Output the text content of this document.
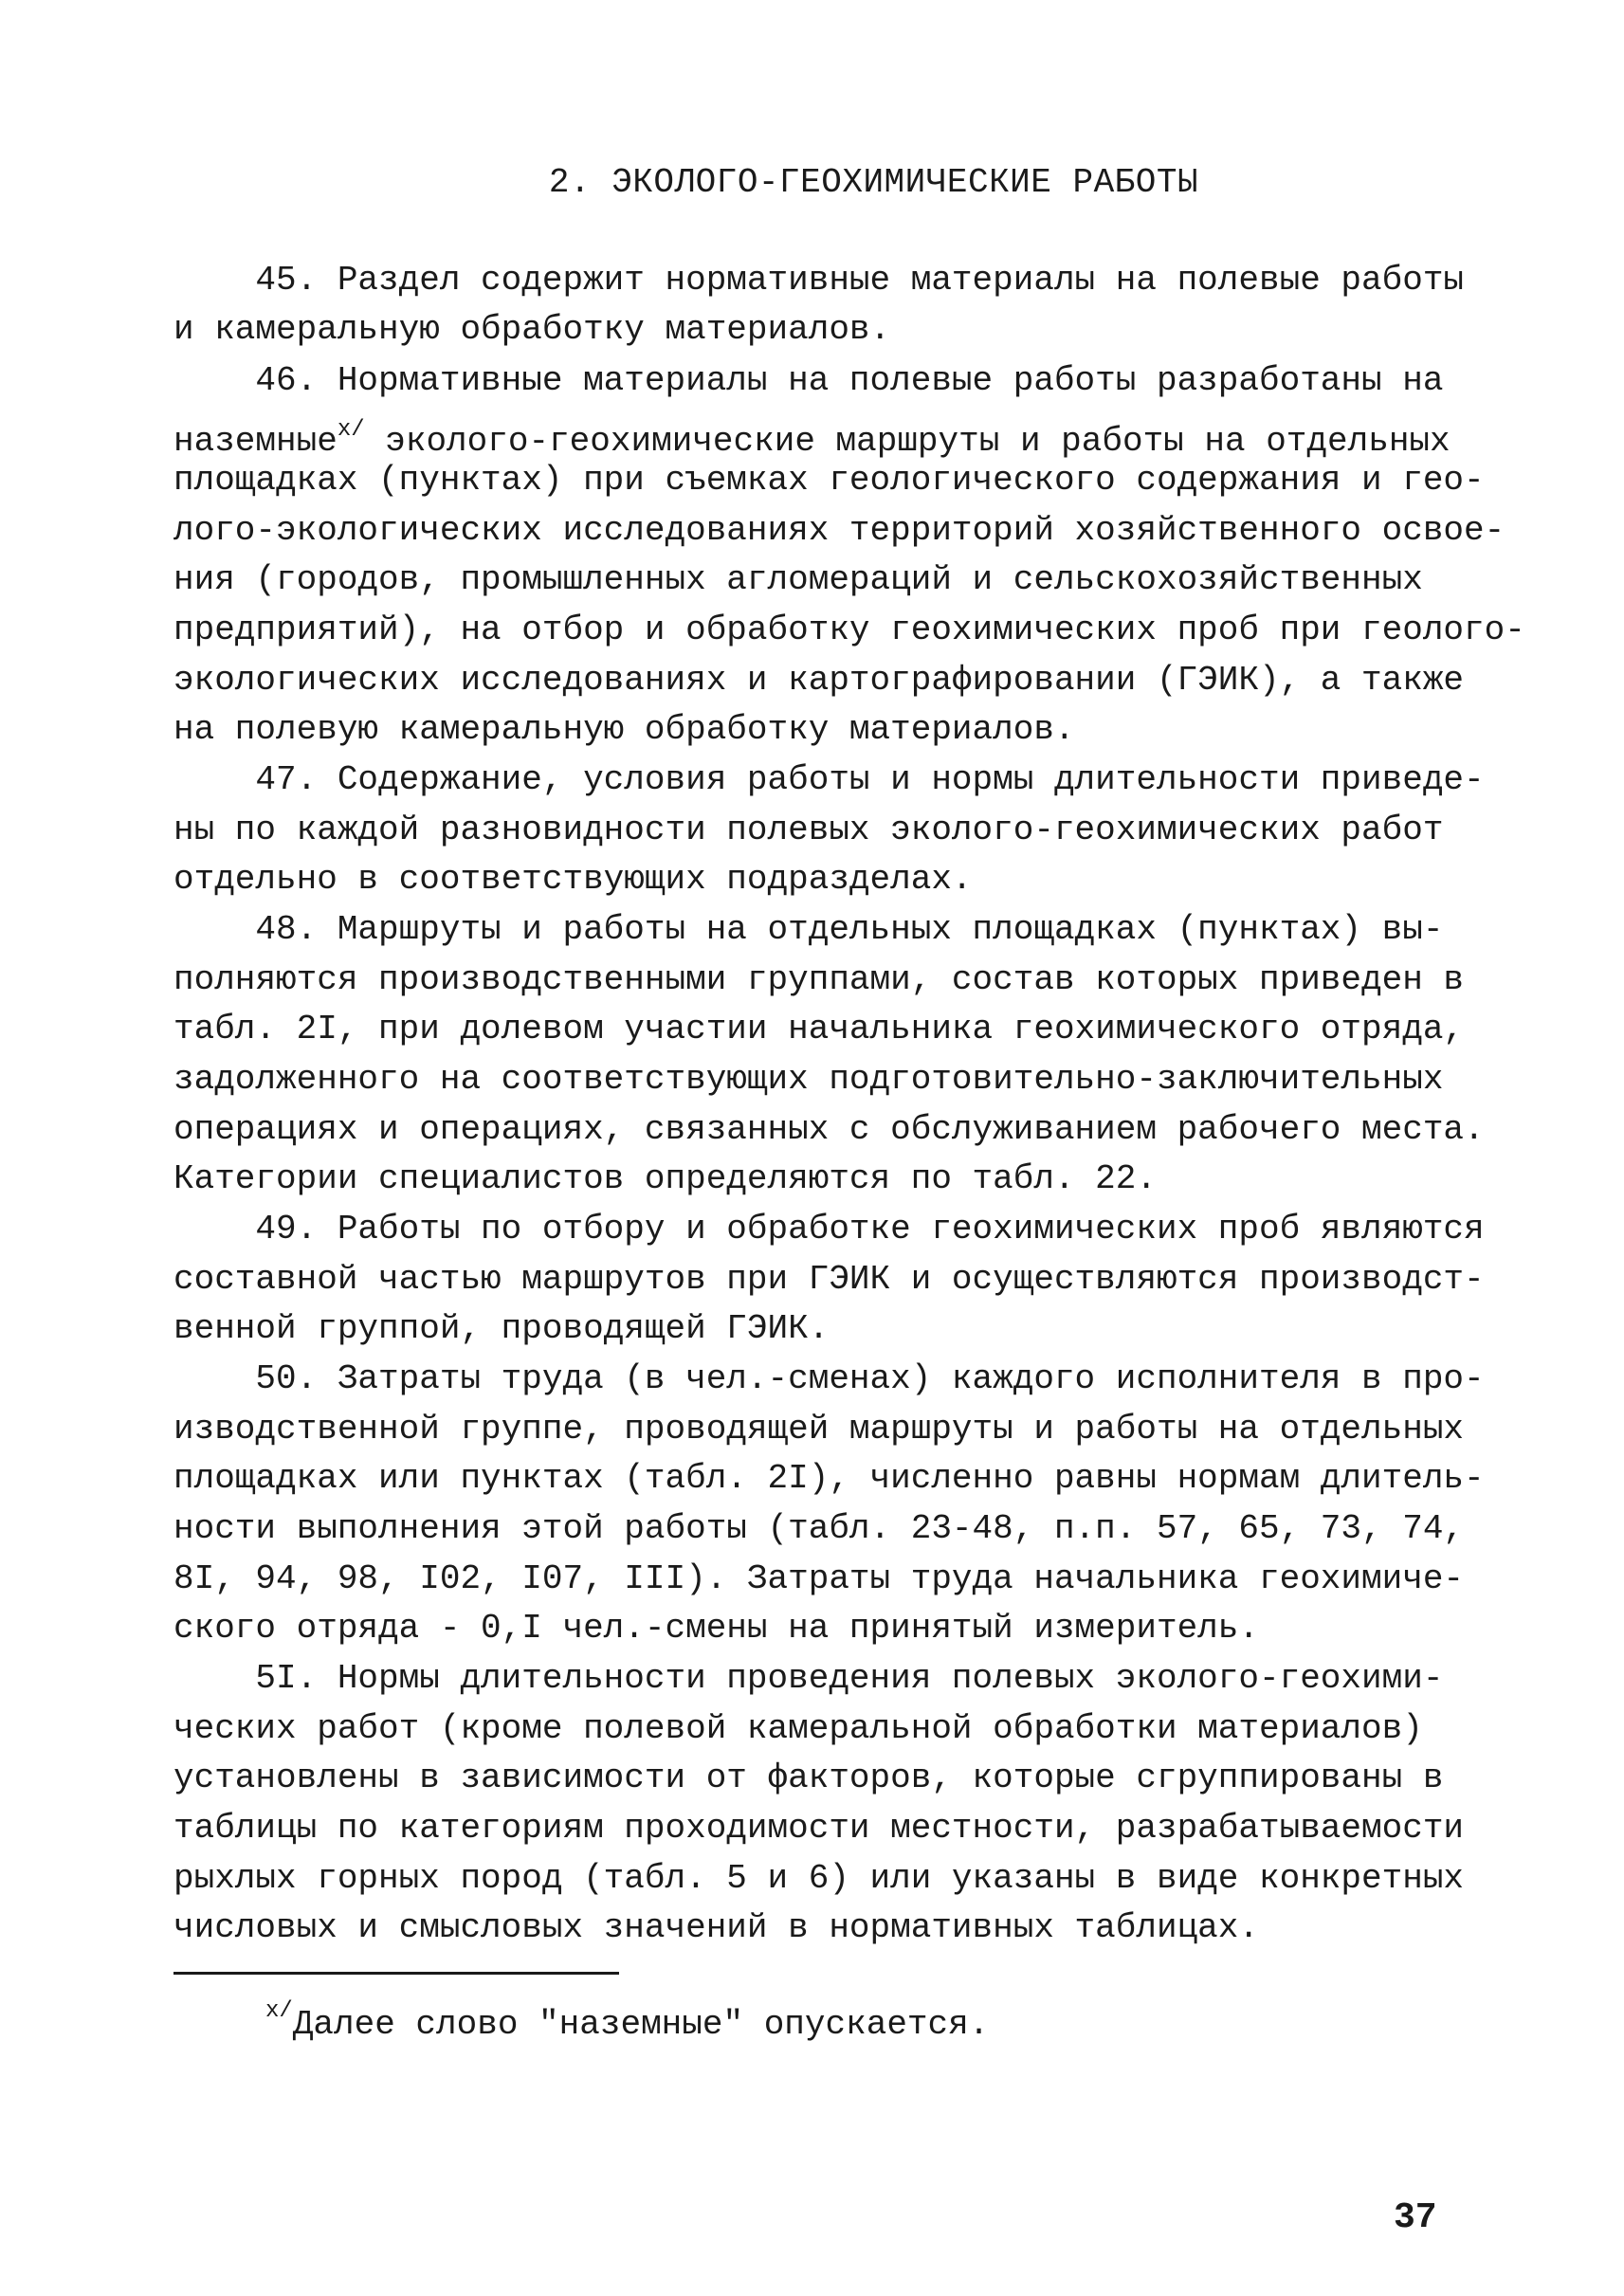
2. ЭКОЛОГО-ГЕОХИМИЧЕСКИЕ РАБОТЫ
45. Раздел содержит нормативные материалы на полевые работы
и камеральную обработку материалов.
46. Нормативные материалы на полевые работы разработаны на
наземные$^{х/}$ эколого-геохимические маршруты и работы на отдельных
площадках (пунктах) при съемках геологического содержания и гео-
лого-экологических исследованиях территорий хозяйственного освое-
ния (городов, промышленных агломераций и сельскохозяйственных
предприятий), на отбор и обработку геохимических проб при геолого-
экологических исследованиях и картографировании (ГЭИК), а также
на полевую камеральную обработку материалов.
47. Содержание, условия работы и нормы длительности приведе-
ны по каждой разновидности полевых эколого-геохимических работ
отдельно в соответствующих подразделах.
48. Маршруты и работы на отдельных площадках (пунктах) вы-
полняются производственными группами, состав которых приведен в
табл. 2I, при долевом участии начальника геохимического отряда,
задолженного на соответствующих подготовительно-заключительных
операциях и операциях, связанных с обслуживанием рабочего места.
Категории специалистов определяются по табл. 22.
49. Работы по отбору и обработке геохимических проб являются
составной частью маршрутов при ГЭИК и осуществляются производст-
венной группой, проводящей ГЭИК.
50. Затраты труда (в чел.-сменах) каждого исполнителя в про-
изводственной группе, проводящей маршруты и работы на отдельных
площадках или пунктах (табл. 2I), численно равны нормам длитель-
ности выполнения этой работы (табл. 23-48, п.п. 57, 65, 73, 74,
8I, 94, 98, I02, I07, III). Затраты труда начальника геохимиче-
ского отряда - 0,I чел.-смены на принятый измеритель.
5I. Нормы длительности проведения полевых эколого-геохими-
ческих работ (кроме полевой камеральной обработки материалов)
установлены в зависимости от факторов, которые сгруппированы в
таблицы по категориям проходимости местности, разрабатываемости
рыхлых горных пород (табл. 5 и 6) или указаны в виде конкретных
числовых и смысловых значений в нормативных таблицах.
$^{х/}$Далее слово "наземные" опускается.
37
